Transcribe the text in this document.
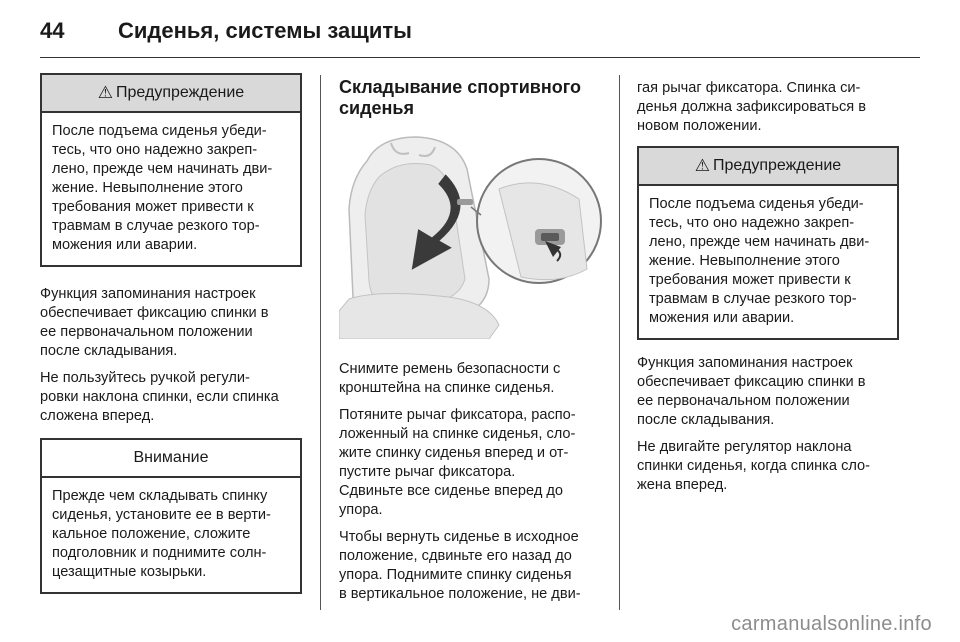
44 Сиденья, системы защиты
⚠ Предупреждение
После подъема сиденья убеди-
тесь, что оно надежно закреп-
лено, прежде чем начинать дви-
жение. Невыполнение этого
требования может привести к
травмам в случае резкого тор-
можения или аварии.

Функция запоминания настроек
обеспечивает фиксацию спинки в
ее первоначальном положении
после складывания.

Не пользуйтесь ручкой регули-
ровки наклона спинки, если спинка
сложена вперед.

Внимание
Прежде чем складывать спинку
сиденья, установите ее в верти-
кальное положение, сложите
подголовник и поднимите солн-
цезащитные козырьки.
Складывание спортивного
сиденья

Снимите ремень безопасности с
кронштейна на спинке сиденья.

Потяните рычаг фиксатора, распо-
ложенный на спинке сиденья, сло-
жите спинку сиденья вперед и от-
пустите рычаг фиксатора.
Сдвиньте все сиденье вперед до
упора.

Чтобы вернуть сиденье в исходное
положение, сдвиньте его назад до
упора. Поднимите спинку сиденья
в вертикальное положение, не дви-

гая рычаг фиксатора. Спинка си-
денья должна зафиксироваться в
новом положении.

⚠ Предупреждение
После подъема сиденья убеди-
тесь, что оно надежно закреп-
лено, прежде чем начинать дви-
жение. Невыполнение этого
требования может привести к
травмам в случае резкого тор-
можения или аварии.

Функция запоминания настроек
обеспечивает фиксацию спинки в
ее первоначальном положении
после складывания.

Не двигайте регулятор наклона
спинки сиденья, когда спинка сло-
жена вперед.

carmanualsonline.info
